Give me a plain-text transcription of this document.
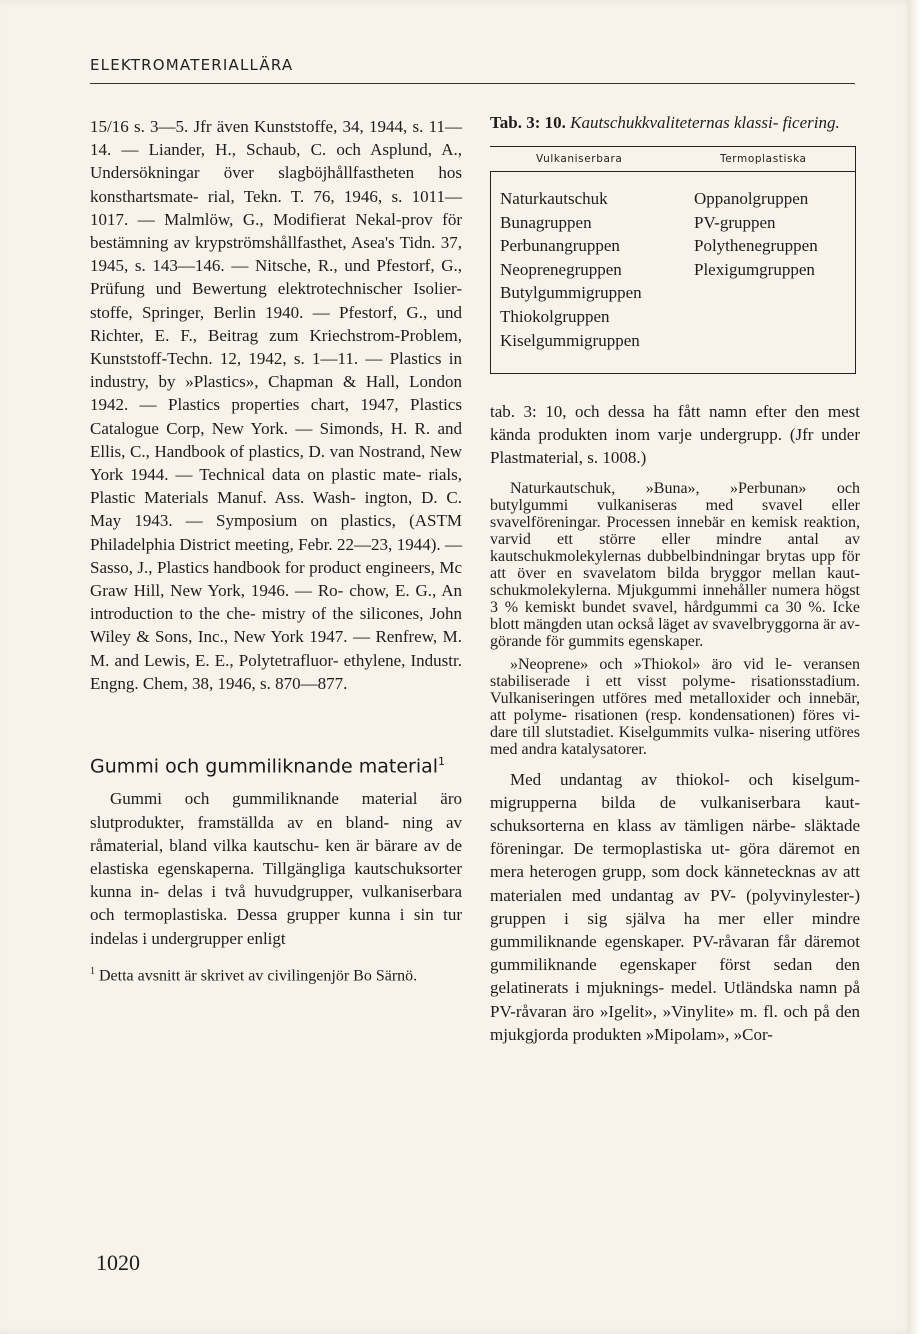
ELEKTROMATERIALLÄRA

15/16 s. 3—5. Jfr även Kunststoffe, 34, 1944, s. 11—14. — Liander, H., Schaub, C. och Asplund, A., Undersökningar över slagböjhållfastheten hos konsthartsmate- rial, Tekn. T. 76, 1946, s. 1011—1017. — Malmlöw, G., Modifierat Nekal-prov för bestämning av krypströmshållfasthet, Asea's Tidn. 37, 1945, s. 143—146. — Nitsche, R., und Pfestorf, G., Prüfung und Bewertung elektrotechnischer Isolier- stoffe, Springer, Berlin 1940. — Pfestorf, G., und Richter, E. F., Beitrag zum Kriechstrom-Problem, Kunststoff-Techn. 12, 1942, s. 1—11. — Plastics in industry, by »Plastics», Chapman & Hall, London 1942. — Plastics properties chart, 1947, Plastics Catalogue Corp, New York. — Simonds, H. R. and Ellis, C., Handbook of plastics, D. van Nostrand, New York 1944. — Technical data on plastic mate- rials, Plastic Materials Manuf. Ass. Wash- ington, D. C. May 1943. — Symposium on plastics, (ASTM Philadelphia District meeting, Febr. 22—23, 1944). — Sasso, J., Plastics handbook for product engineers, Mc Graw Hill, New York, 1946. — Ro- chow, E. G., An introduction to the che- mistry of the silicones, John Wiley & Sons, Inc., New York 1947. — Renfrew, M. M. and Lewis, E. E., Polytetrafluor- ethylene, Industr. Engng. Chem, 38, 1946, s. 870—877.

Gummi och gummiliknande material$^1$

Gummi och gummiliknande material äro slutprodukter, framställda av en bland- ning av råmaterial, bland vilka kautschu- ken är bärare av de elastiska egenskaperna. Tillgängliga kautschuksorter kunna in- delas i två huvudgrupper, vulkaniserbara och termoplastiska. Dessa grupper kunna i sin tur indelas i undergrupper enligt

$^1$ Detta avsnitt är skrivet av civilingenjör Bo Särnö.

1020

Tab. 3: 10. Kautschukkvaliteternas klassi- ficering.

Vulkaniserbara	Termoplastiska
Naturkautschuk
Bunagruppen
Perbunangruppen
Neoprenegruppen
Butylgummigruppen
Thiokolgruppen
Kiselgummigruppen
Oppanolgruppen
PV-gruppen
Polythenegruppen
Plexigumgruppen

tab. 3: 10, och dessa ha fått namn efter den mest kända produkten inom varje undergrupp. (Jfr under Plastmaterial, s. 1008.)

Naturkautschuk, »Buna», »Perbunan» och butylgummi vulkaniseras med svavel eller svavelföreningar. Processen innebär en kemisk reaktion, varvid ett större eller mindre antal av kautschukmolekylernas dubbelbindningar brytas upp för att över en svavelatom bilda bryggor mellan kaut- schukmolekylerna. Mjukgummi innehåller numera högst 3 % kemiskt bundet svavel, hårdgummi ca 30 %. Icke blott mängden utan också läget av svavelbryggorna är av- görande för gummits egenskaper.

»Neoprene» och »Thiokol» äro vid le- veransen stabiliserade i ett visst polyme- risationsstadium. Vulkaniseringen utföres med metalloxider och innebär, att polyme- risationen (resp. kondensationen) föres vi- dare till slutstadiet. Kiselgummits vulka- nisering utföres med andra katalysatorer.

Med undantag av thiokol- och kiselgum- migrupperna bilda de vulkaniserbara kaut- schuksorterna en klass av tämligen närbe- släktade föreningar. De termoplastiska ut- göra däremot en mera heterogen grupp, som dock kännetecknas av att materialen med undantag av PV- (polyvinylester-) gruppen i sig själva ha mer eller mindre gummiliknande egenskaper. PV-råvaran får däremot gummiliknande egenskaper först sedan den gelatinerats i mjuknings- medel. Utländska namn på PV-råvaran äro »Igelit», »Vinylite» m. fl. och på den mjukgjorda produkten »Mipolam», »Cor-
